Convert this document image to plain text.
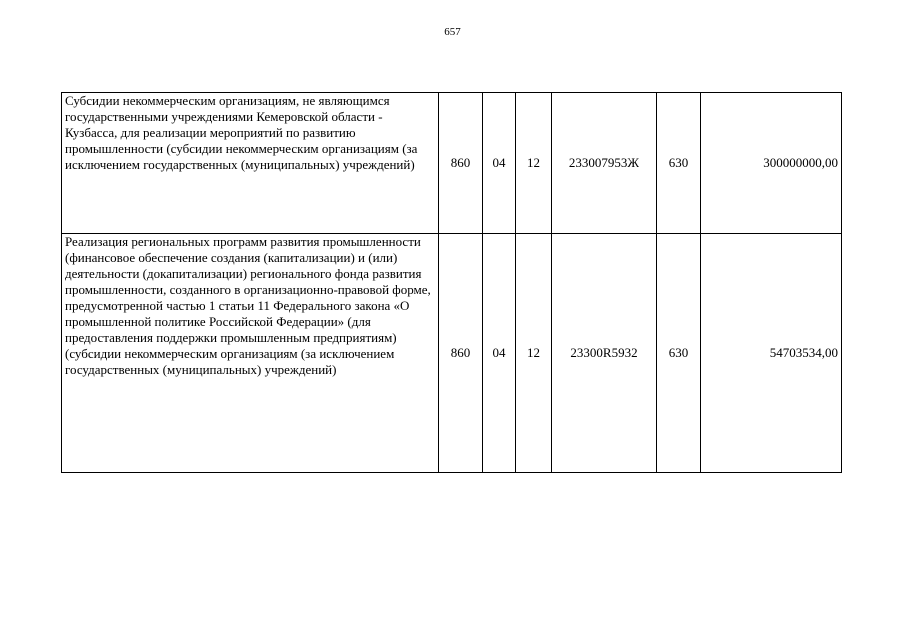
657
Субсидии некоммерческим организациям, не являющимся государственными учреждениями Кемеровской области - Кузбасса, для реализации мероприятий по развитию промышленности (субсидии некоммерческим организациям (за исключением государственных (муниципальных) учреждений)	860	04	12	233007953Ж	630	300000000,00

Реализация региональных программ развития промышленности (финансовое обеспечение создания (капитализации) и (или) деятельности (докапитализации) регионального фонда развития промышленности, созданного в организационно-правовой форме, предусмотренной частью 1 статьи 11 Федерального закона «О промышленной политике Российской Федерации» (для предоставления поддержки промышленным предприятиям) (субсидии некоммерческим организациям (за исключением государственных (муниципальных) учреждений)	860	04	12	23300R5932	630	54703534,00
